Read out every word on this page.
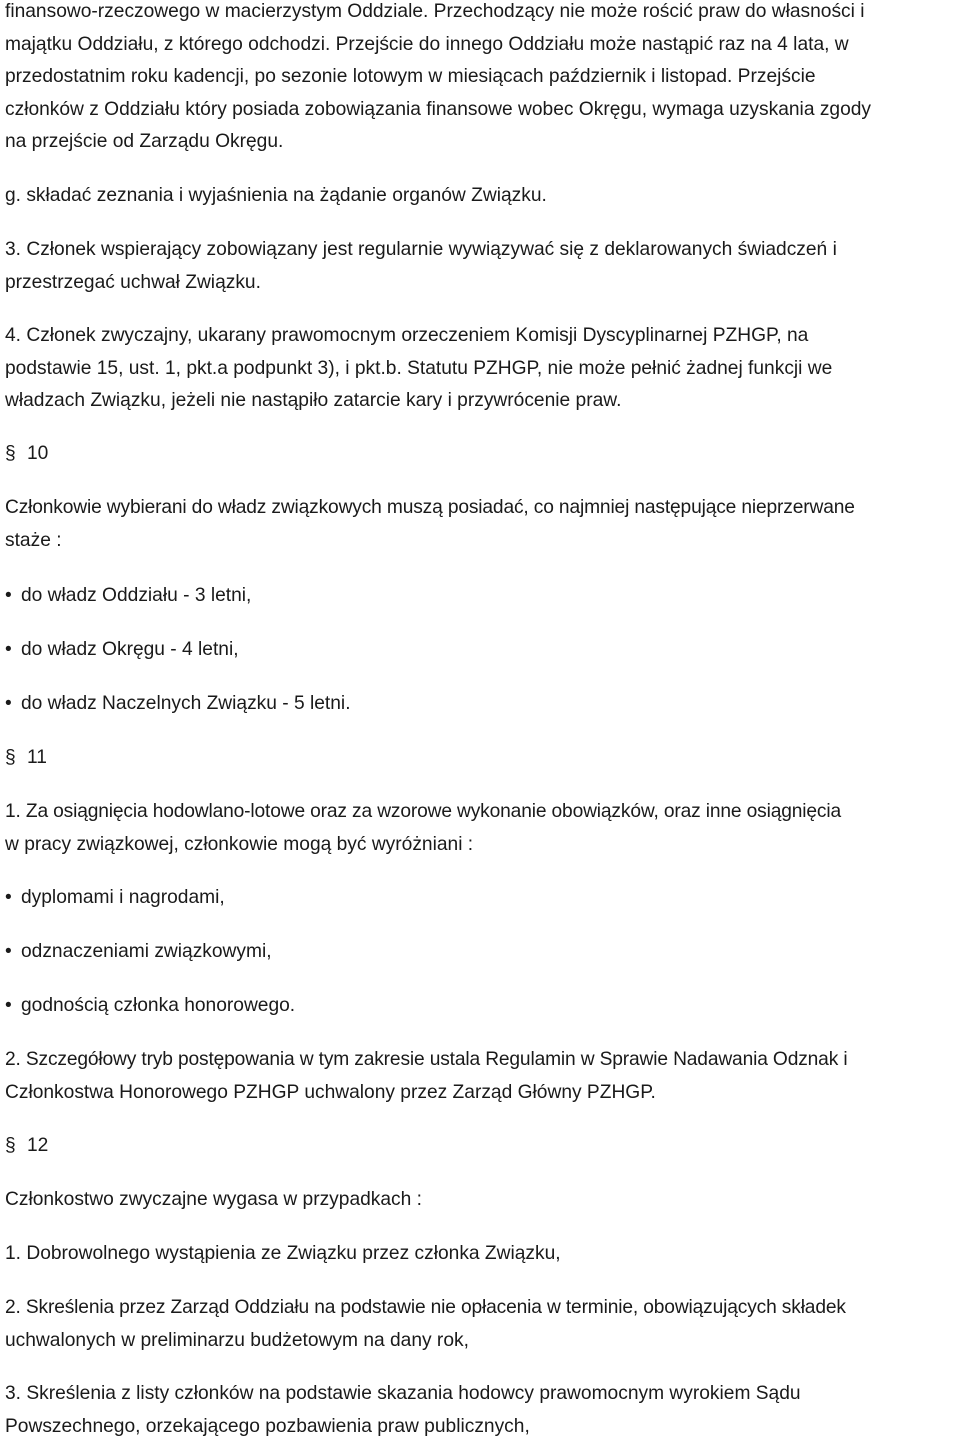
finansowo-rzeczowego w macierzystym Oddziale. Przechodzący nie może rościć praw do własności i
majątku Oddziału, z którego odchodzi. Przejście do innego Oddziału może nastąpić raz na 4 lata, w
przedostatnim roku kadencji, po sezonie lotowym w miesiącach październik i listopad. Przejście
członków z Oddziału który posiada zobowiązania finansowe wobec Okręgu, wymaga uzyskania zgody
na przejście od Zarządu Okręgu.
g. składać zeznania i wyjaśnienia na żądanie organów Związku.
3. Członek wspierający zobowiązany jest regularnie wywiązywać się z deklarowanych świadczeń i
przestrzegać uchwał Związku.
4. Członek zwyczajny, ukarany prawomocnym orzeczeniem Komisji Dyscyplinarnej PZHGP, na
podstawie 15, ust. 1, pkt.a podpunkt 3), i pkt.b. Statutu PZHGP, nie może pełnić żadnej funkcji we
władzach Związku, jeżeli nie nastąpiło zatarcie kary i przywrócenie praw.
§ 10
Członkowie wybierani do władz związkowych muszą posiadać, co najmniej następujące nieprzerwane
staże :
• do władz Oddziału - 3 letni,
• do władz Okręgu - 4 letni,
• do władz Naczelnych Związku - 5 letni.
§ 11
1. Za osiągnięcia hodowlano-lotowe oraz za wzorowe wykonanie obowiązków, oraz inne osiągnięcia
w pracy związkowej, członkowie mogą być wyróżniani :
• dyplomami i nagrodami,
• odznaczeniami związkowymi,
• godnością członka honorowego.
2. Szczegółowy tryb postępowania w tym zakresie ustala Regulamin w Sprawie Nadawania Odznak i
Członkostwa Honorowego PZHGP uchwalony przez Zarząd Główny PZHGP.
§ 12
Członkostwo zwyczajne wygasa w przypadkach :
1. Dobrowolnego wystąpienia ze Związku przez członka Związku,
2. Skreślenia przez Zarząd Oddziału na podstawie nie opłacenia w terminie, obowiązujących składek
uchwalonych w preliminarzu budżetowym na dany rok,
3. Skreślenia z listy członków na podstawie skazania hodowcy prawomocnym wyrokiem Sądu
Powszechnego, orzekającego pozbawienia praw publicznych,
